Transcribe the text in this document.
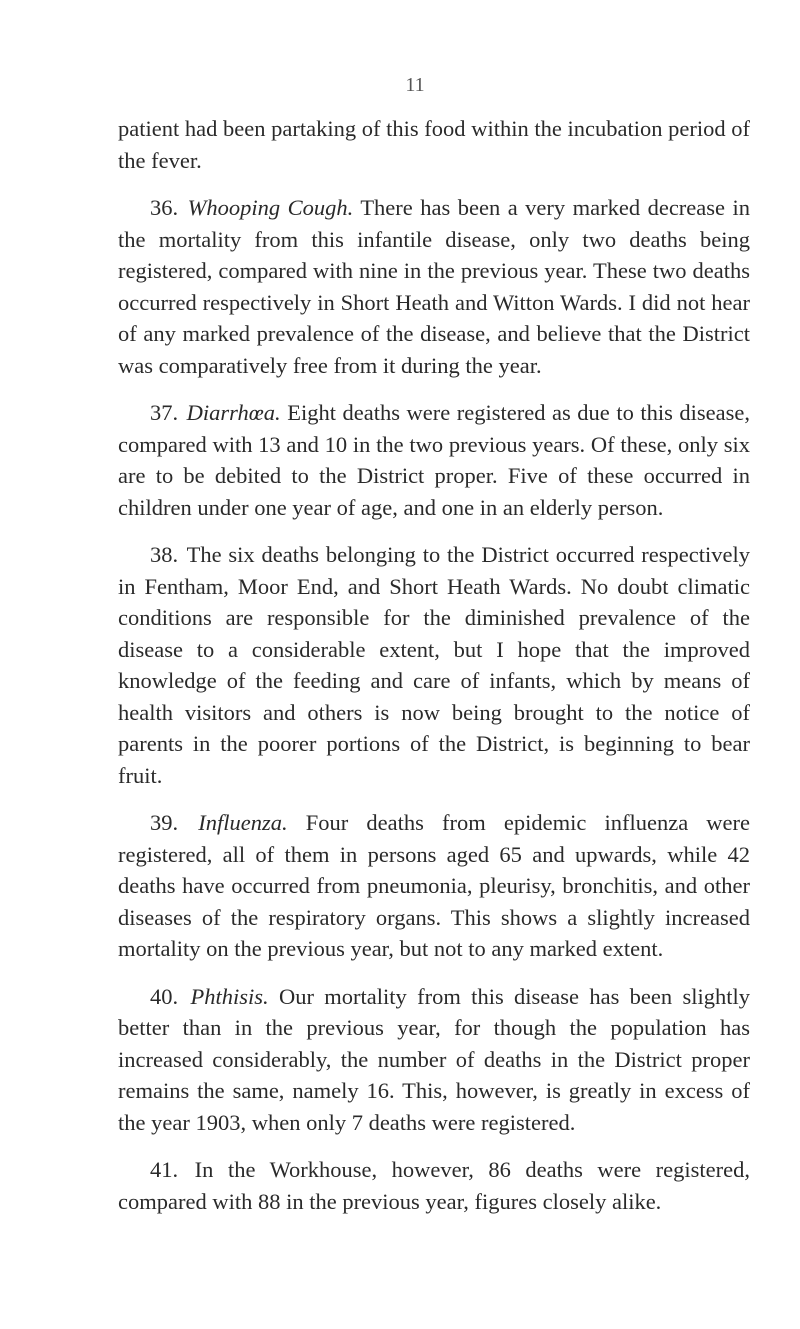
11

patient had been partaking of this food within the incubation period of the fever.

36. Whooping Cough. There has been a very marked decrease in the mortality from this infantile disease, only two deaths being registered, compared with nine in the previous year. These two deaths occurred respectively in Short Heath and Witton Wards. I did not hear of any marked prevalence of the disease, and believe that the District was comparatively free from it during the year.

37. Diarrhœa. Eight deaths were registered as due to this disease, compared with 13 and 10 in the two previous years. Of these, only six are to be debited to the District proper. Five of these occurred in children under one year of age, and one in an elderly person.

38. The six deaths belonging to the District occurred respectively in Fentham, Moor End, and Short Heath Wards. No doubt climatic conditions are responsible for the diminished prevalence of the disease to a considerable extent, but I hope that the improved knowledge of the feeding and care of infants, which by means of health visitors and others is now being brought to the notice of parents in the poorer portions of the District, is beginning to bear fruit.

39. Influenza. Four deaths from epidemic influenza were registered, all of them in persons aged 65 and upwards, while 42 deaths have occurred from pneumonia, pleurisy, bronchitis, and other diseases of the respiratory organs. This shows a slightly increased mortality on the previous year, but not to any marked extent.

40. Phthisis. Our mortality from this disease has been slightly better than in the previous year, for though the population has increased considerably, the number of deaths in the District proper remains the same, namely 16. This, however, is greatly in excess of the year 1903, when only 7 deaths were registered.

41. In the Workhouse, however, 86 deaths were registered, compared with 88 in the previous year, figures closely alike.
